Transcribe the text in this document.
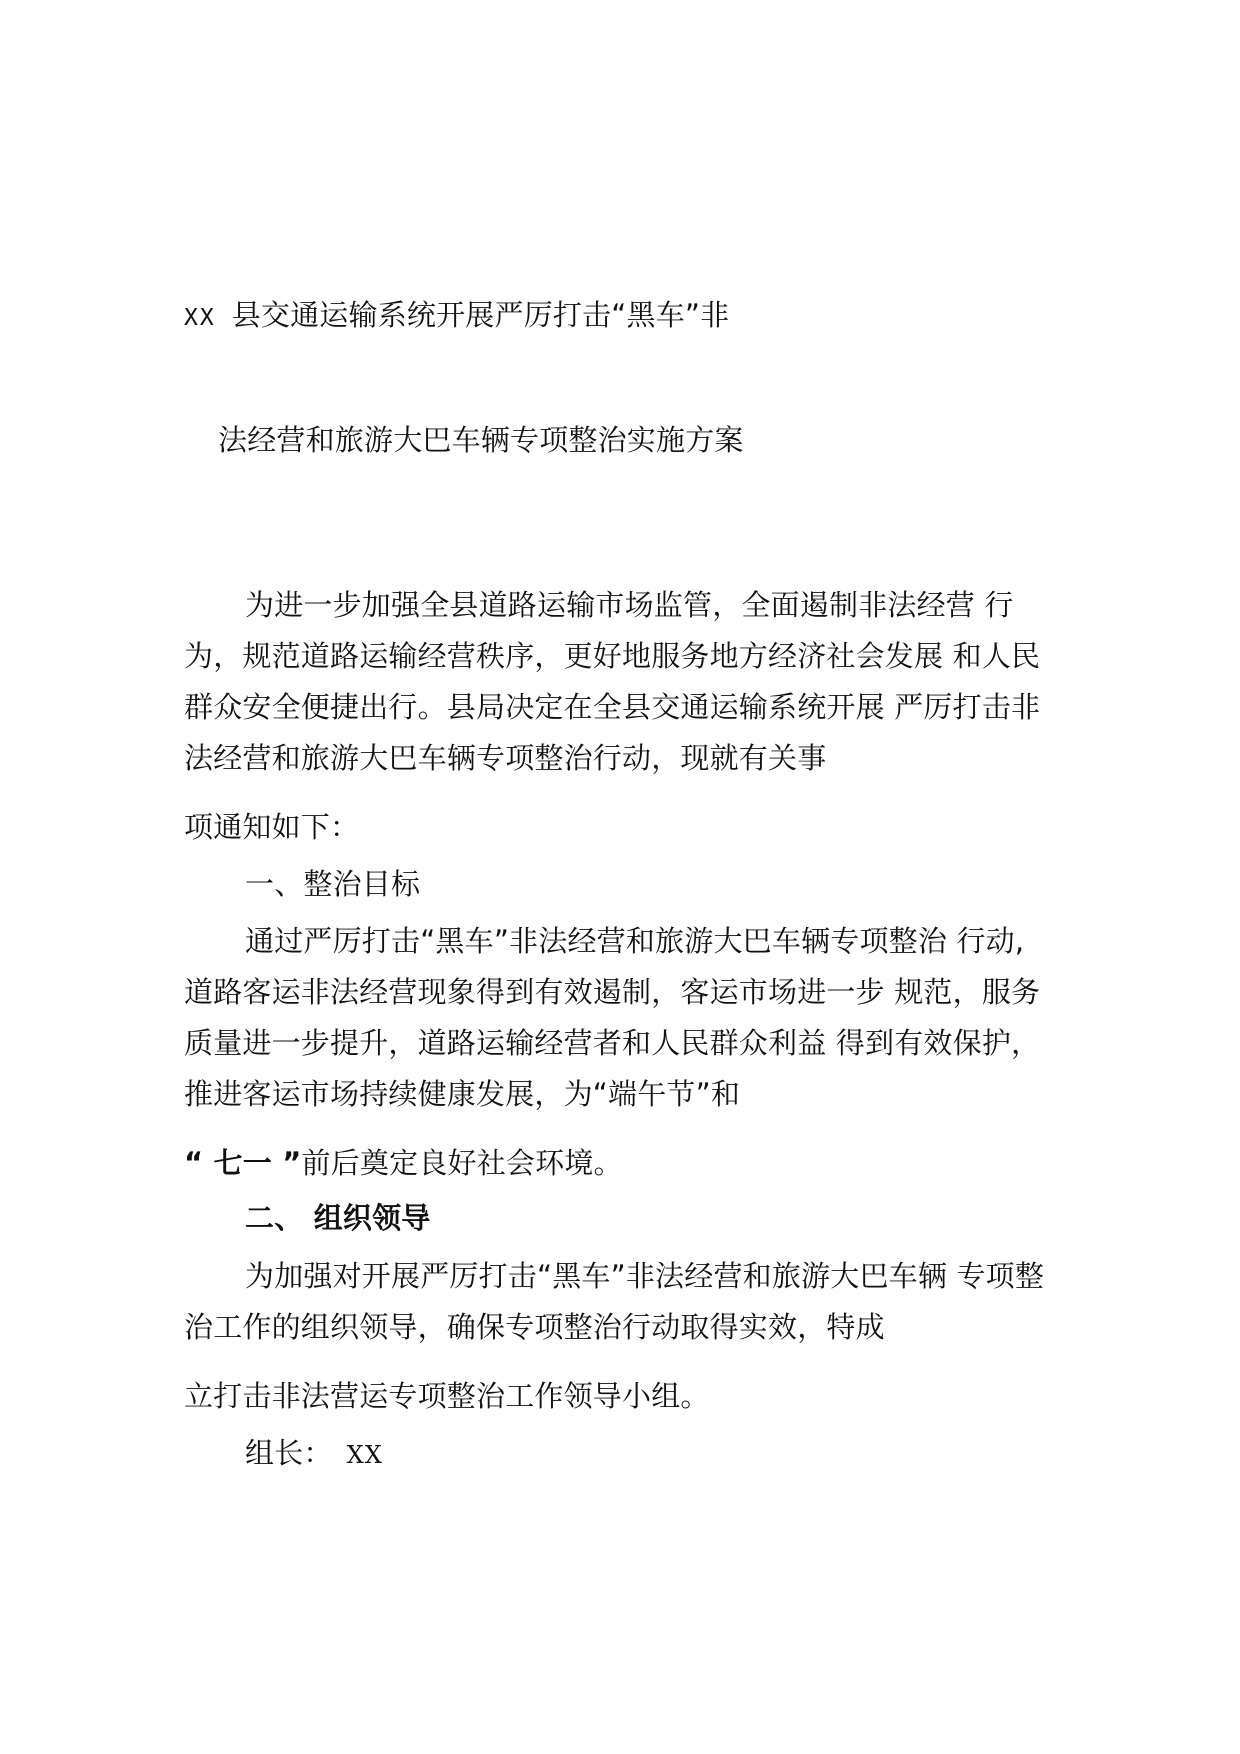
XX 县交通运输系统开展严厉打击“黑车”非
法经营和旅游大巴车辆专项整治实施方案
为进一步加强全县道路运输市场监管，全面遏制非法经营 行
为，规范道路运输经营秩序，更好地服务地方经济社会发展 和人民
群众安全便捷出行。县局决定在全县交通运输系统开展 严厉打击非
法经营和旅游大巴车辆专项整治行动，现就有关事
项通知如下：
一、整治目标
通过严厉打击“黑车”非法经营和旅游大巴车辆专项整治 行动,
道路客运非法经营现象得到有效遏制，客运市场进一步 规范，服务
质量进一步提升，道路运输经营者和人民群众利益 得到有效保护，
推进客运市场持续健康发展，为“端午节”和
“ 七一 ”前后奠定良好社会环境。
二、 组织领导
为加强对开展严厉打击“黑车”非法经营和旅游大巴车辆 专项整
治工作的组织领导，确保专项整治行动取得实效，特成
立打击非法营运专项整治工作领导小组。
组长： XX
